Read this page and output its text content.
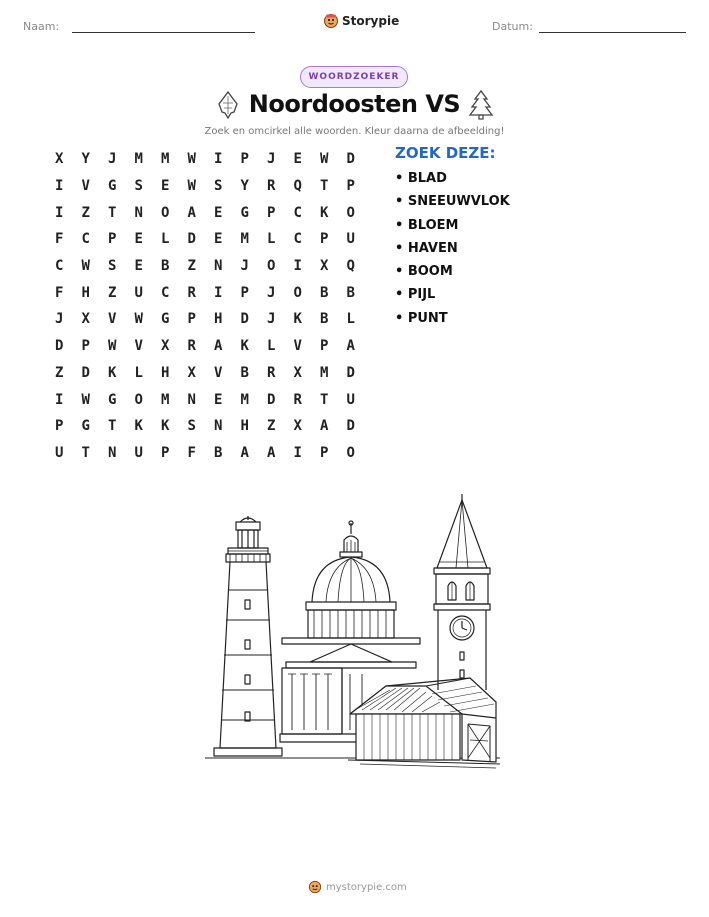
Naam:	Storypie	Datum:
WOORDZOEKER
Noordoosten VS
Zoek en omcirkel alle woorden. Kleur daarna de afbeelding!
X	Y	J	M	M	W	I	P	J	E	W	D
I	V	G	S	E	W	S	Y	R	Q	T	P
I	Z	T	N	O	A	E	G	P	C	K	O
F	C	P	E	L	D	E	M	L	C	P	U
C	W	S	E	B	Z	N	J	O	I	X	Q
F	H	Z	U	C	R	I	P	J	O	B	B
J	X	V	W	G	P	H	D	J	K	B	L
D	P	W	V	X	R	A	K	L	V	P	A
Z	D	K	L	H	X	V	B	R	X	M	D
I	W	G	O	M	N	E	M	D	R	T	U
P	G	T	K	K	S	N	H	Z	X	A	D
U	T	N	U	P	F	B	A	A	I	P	O
ZOEK DEZE:
• BLAD
• SNEEUWVLOK
• BLOEM
• HAVEN
• BOOM
• PIJL
• PUNT
mystorypie.com
